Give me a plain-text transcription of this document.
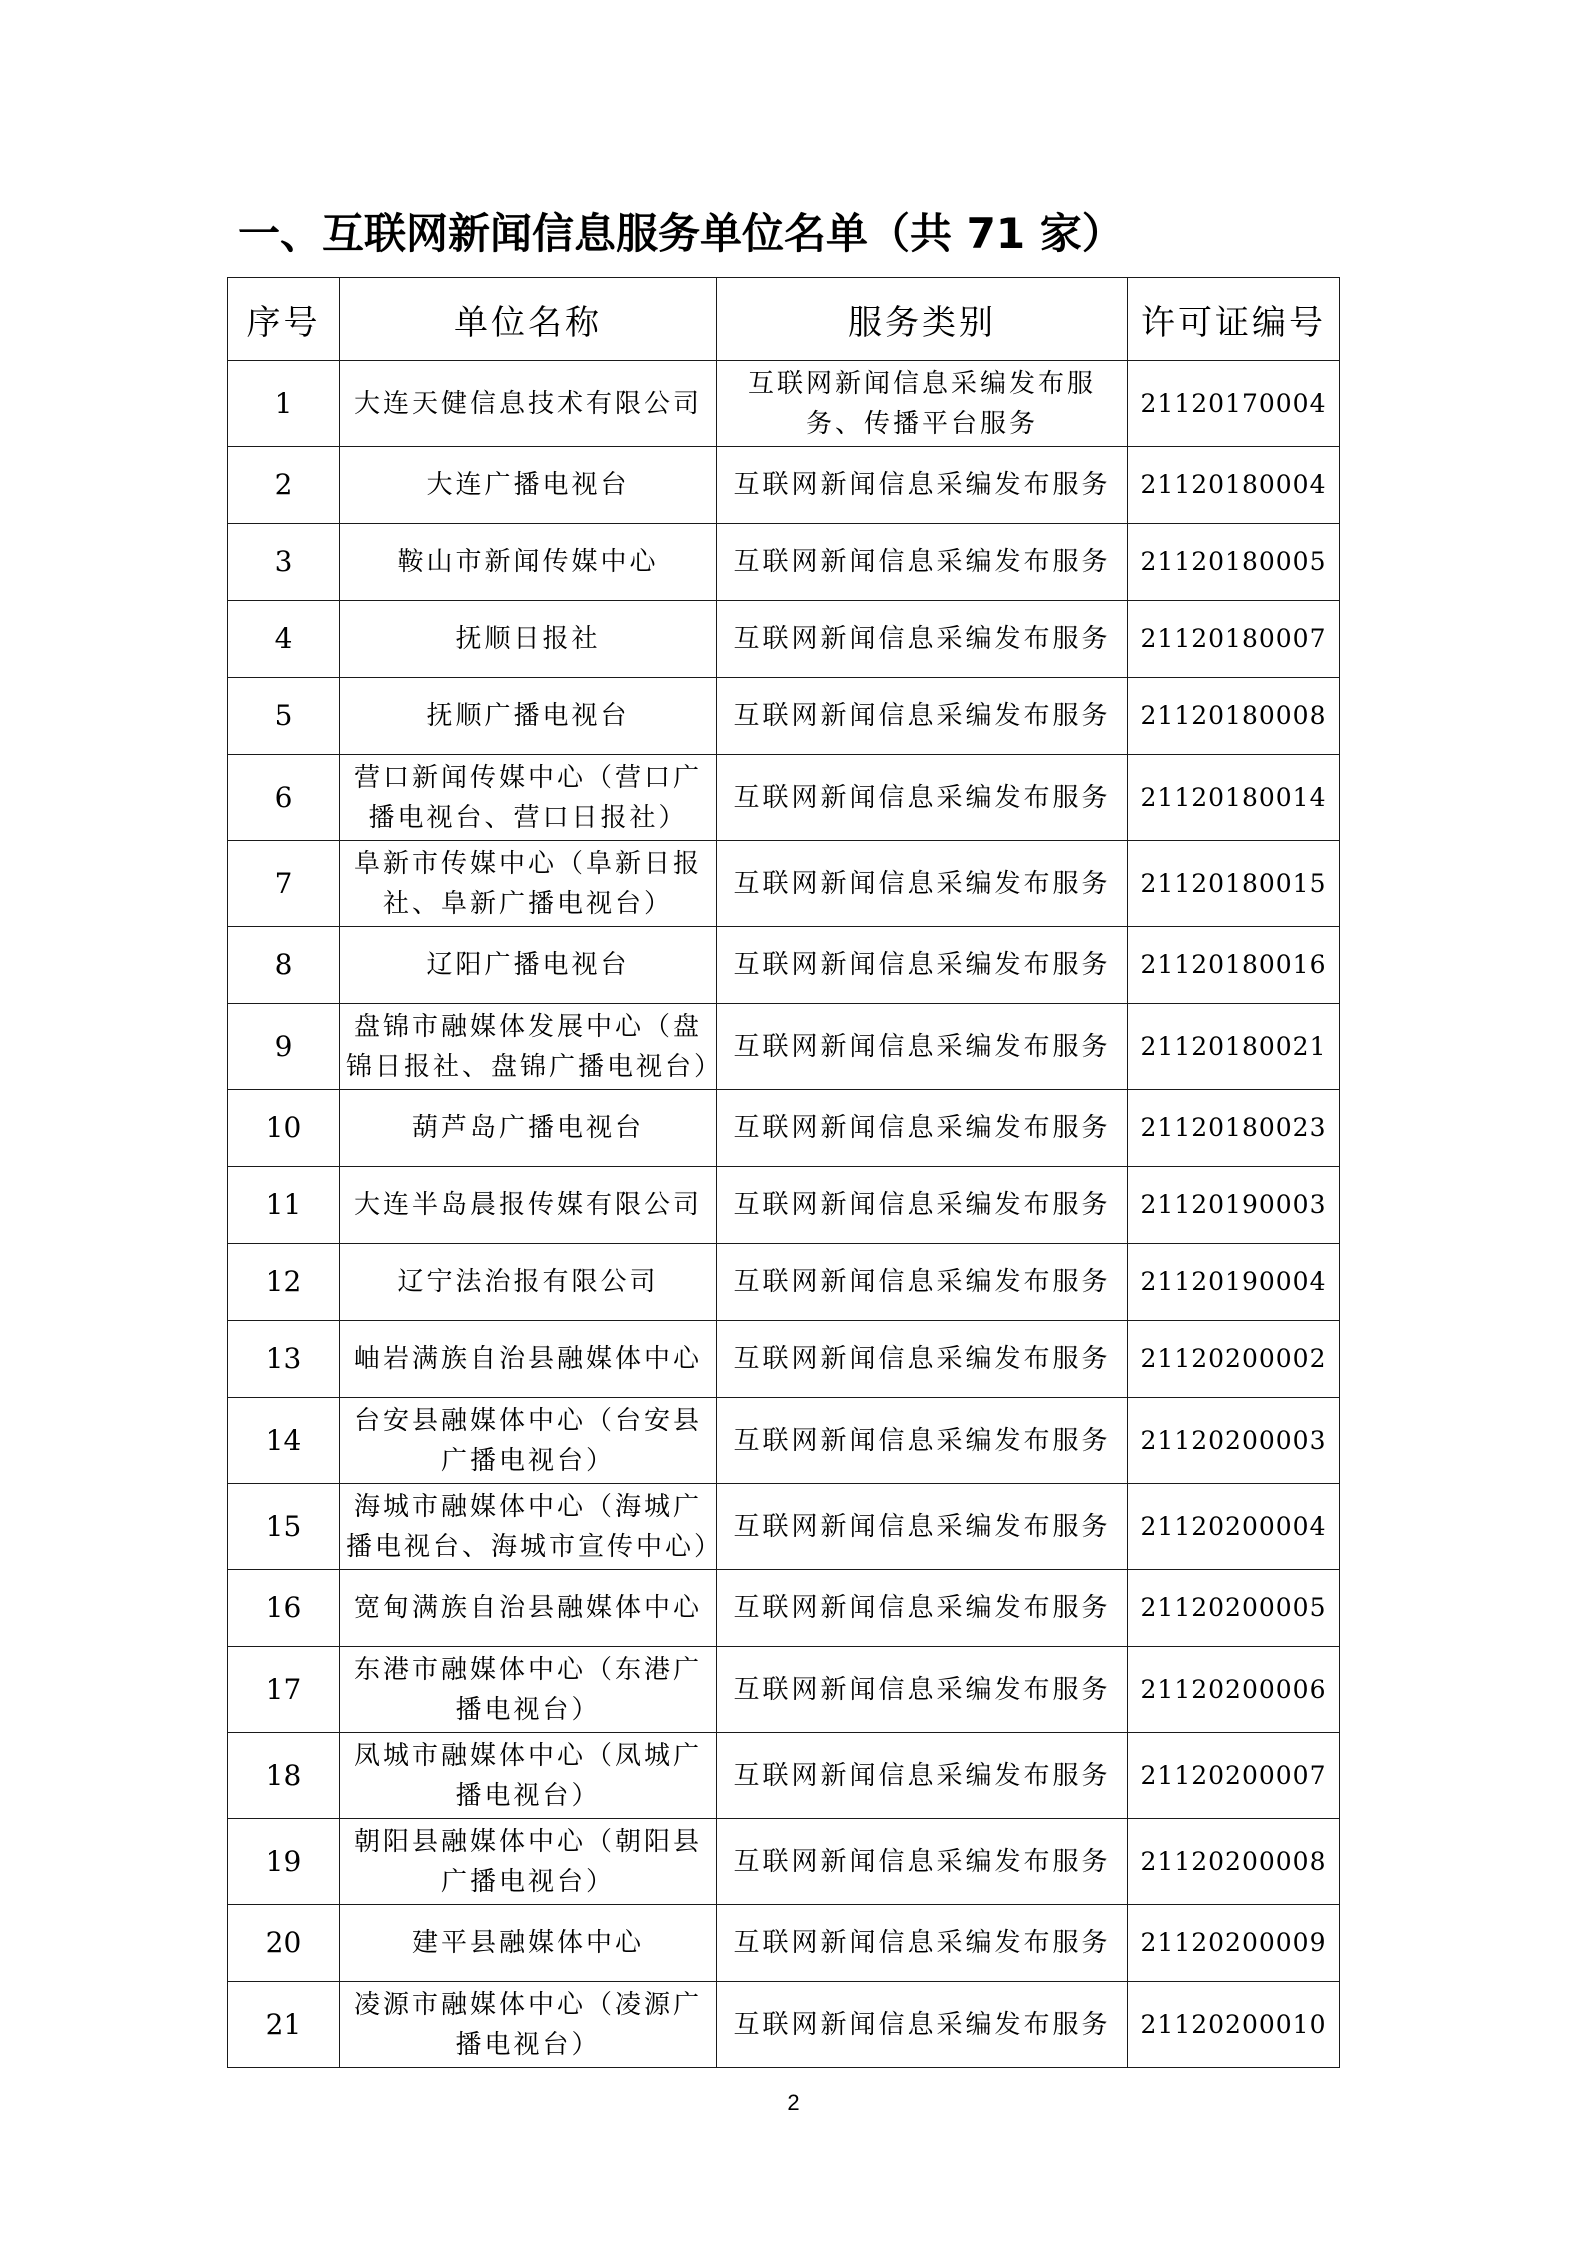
一、互联网新闻信息服务单位名单（共 71 家）
序号	单位名称	服务类别	许可证编号
1	大连天健信息技术有限公司	互联网新闻信息采编发布服务、传播平台服务	21120170004
2	大连广播电视台	互联网新闻信息采编发布服务	21120180004
3	鞍山市新闻传媒中心	互联网新闻信息采编发布服务	21120180005
4	抚顺日报社	互联网新闻信息采编发布服务	21120180007
5	抚顺广播电视台	互联网新闻信息采编发布服务	21120180008
6	营口新闻传媒中心（营口广播电视台、营口日报社）	互联网新闻信息采编发布服务	21120180014
7	阜新市传媒中心（阜新日报社、阜新广播电视台）	互联网新闻信息采编发布服务	21120180015
8	辽阳广播电视台	互联网新闻信息采编发布服务	21120180016
9	盘锦市融媒体发展中心（盘锦日报社、盘锦广播电视台）	互联网新闻信息采编发布服务	21120180021
10	葫芦岛广播电视台	互联网新闻信息采编发布服务	21120180023
11	大连半岛晨报传媒有限公司	互联网新闻信息采编发布服务	21120190003
12	辽宁法治报有限公司	互联网新闻信息采编发布服务	21120190004
13	岫岩满族自治县融媒体中心	互联网新闻信息采编发布服务	21120200002
14	台安县融媒体中心（台安县广播电视台）	互联网新闻信息采编发布服务	21120200003
15	海城市融媒体中心（海城广播电视台、海城市宣传中心）	互联网新闻信息采编发布服务	21120200004
16	宽甸满族自治县融媒体中心	互联网新闻信息采编发布服务	21120200005
17	东港市融媒体中心（东港广播电视台）	互联网新闻信息采编发布服务	21120200006
18	凤城市融媒体中心（凤城广播电视台）	互联网新闻信息采编发布服务	21120200007
19	朝阳县融媒体中心（朝阳县广播电视台）	互联网新闻信息采编发布服务	21120200008
20	建平县融媒体中心	互联网新闻信息采编发布服务	21120200009
21	凌源市融媒体中心（凌源广播电视台）	互联网新闻信息采编发布服务	21120200010
2
